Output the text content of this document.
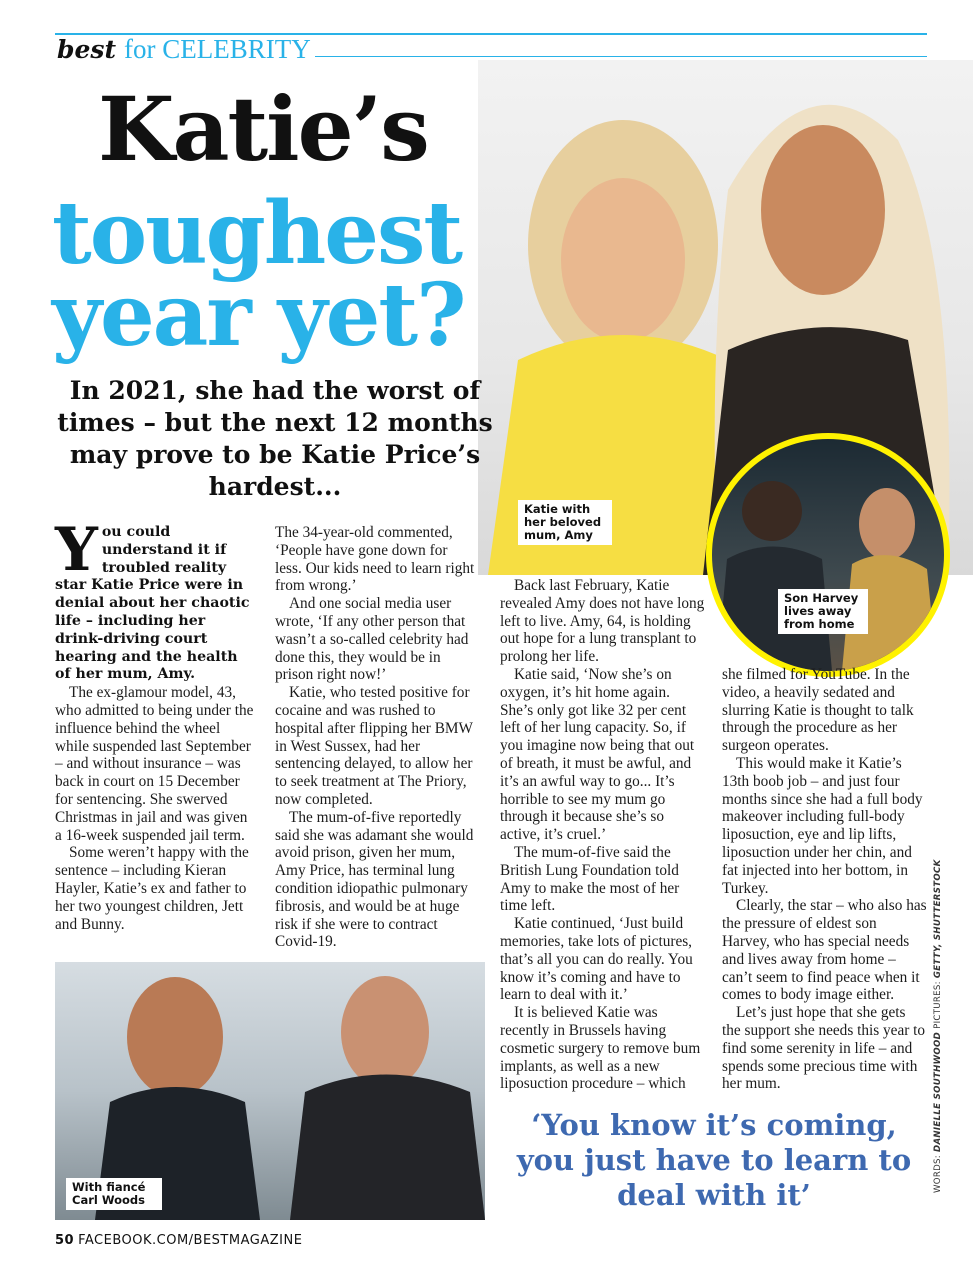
best for CELEBRITY
Katie with her beloved mum, Amy
Son Harvey lives away from home
Katie’s
toughest
year yet?
In 2021, she had the worst of times – but the next 12 months may prove to be Katie Price’s hardest...
You could understand it if troubled reality star Katie Price were in denial about her chaotic life – including her drink-driving court hearing and the health of her mum, Amy.

The ex-glamour model, 43, who admitted to being under the influence behind the wheel while suspended last September – and without insurance – was back in court on 15 December for sentencing. She swerved Christmas in jail and was given a 16-week suspended jail term.

Some weren’t happy with the sentence – including Kieran Hayler, Katie’s ex and father to her two youngest children, Jett and Bunny.

The 34-year-old commented, ‘People have gone down for less. Our kids need to learn right from wrong.’

And one social media user wrote, ‘If any other person that wasn’t a so-called celebrity had done this, they would be in prison right now!’

Katie, who tested positive for cocaine and was rushed to hospital after flipping her BMW in West Sussex, had her sentencing delayed, to allow her to seek treatment at The Priory, now completed.

The mum-of-five reportedly said she was adamant she would avoid prison, given her mum, Amy Price, has terminal lung condition idiopathic pulmonary fibrosis, and would be at huge risk if she were to contract Covid-19.

Back last February, Katie revealed Amy does not have long left to live. Amy, 64, is holding out hope for a lung transplant to prolong her life.

Katie said, ‘Now she’s on oxygen, it’s hit home again. She’s only got like 32 per cent left of her lung capacity. So, if you imagine now being that out of breath, it must be awful, and it’s an awful way to go... It’s horrible to see my mum go through it because she’s so active, it’s cruel.’

The mum-of-five said the British Lung Foundation told Amy to make the most of her time left.

Katie continued, ‘Just build memories, take lots of pictures, that’s all you can do really. You know it’s coming and have to learn to deal with it.’

It is believed Katie was recently in Brussels having cosmetic surgery to remove bum implants, as well as a new liposuction procedure – which

she filmed for YouTube. In the video, a heavily sedated and slurring Katie is thought to talk through the procedure as her surgeon operates.

This would make it Katie’s 13th boob job – and just four months since she had a full body makeover including full-body liposuction, eye and lip lifts, liposuction under her chin, and fat injected into her bottom, in Turkey.

Clearly, the star – who also has the pressure of eldest son Harvey, who has special needs and lives away from home – can’t seem to find peace when it comes to body image either.

Let’s just hope that she gets the support she needs this year to find some serenity in life – and spends some precious time with her mum.

With fiancé Carl Woods
‘You know it’s coming, you just have to learn to deal with it’
WORDS: DANIELLE SOUTHWOOD PICTURES: GETTY, SHUTTERSTOCK
50 FACEBOOK.COM/BESTMAGAZINE
